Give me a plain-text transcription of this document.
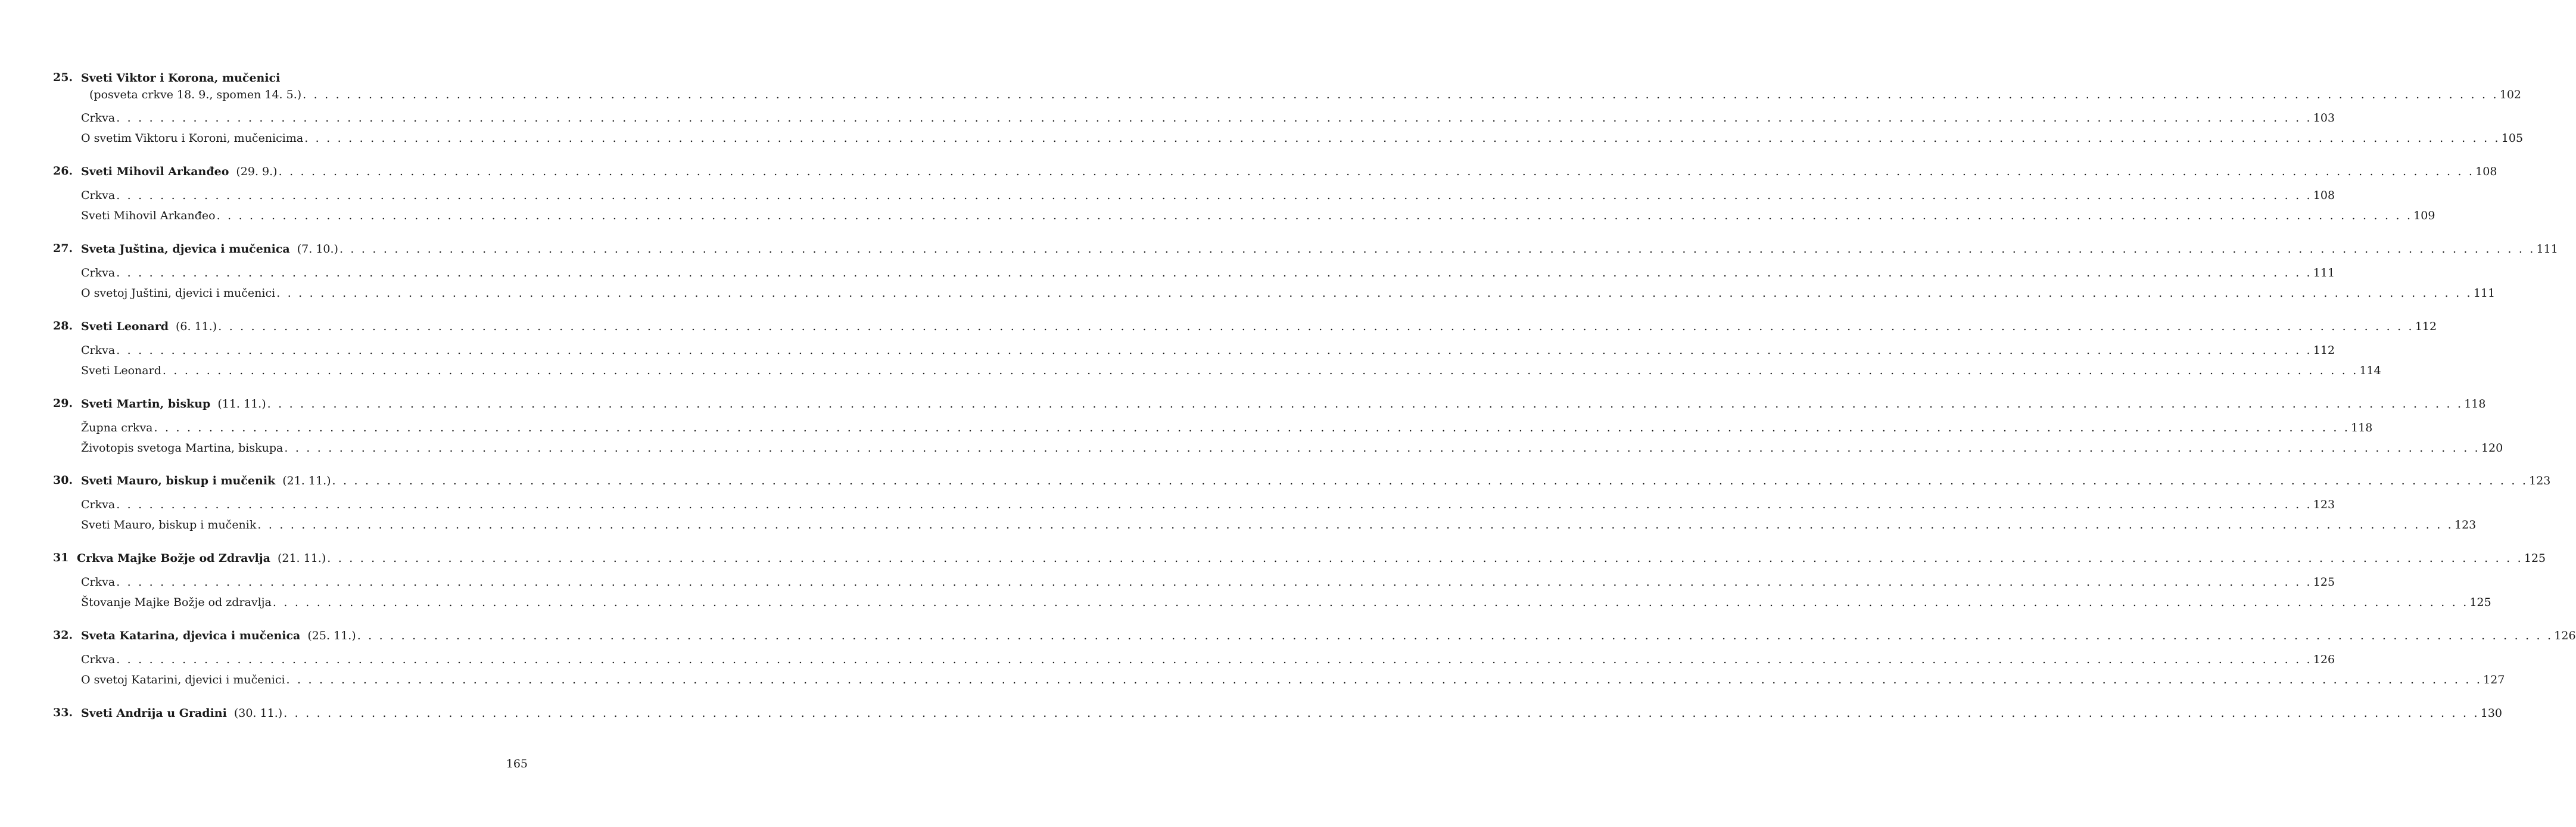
25. Sveti Viktor i Korona, mučenici
(posveta crkve 18. 9., spomen 14. 5.) . . . . . . . . . . . . . . . . . . . . . . . . . . . . . . . . . . . . . . . . . . . . . . . . . . . . . . . . . . . . . . . . . . . . . . . . . . . . . . . . . . . . . . . . . . . . . . . . . . . . . . . . . . . . . . . . . . . . . . . . . . . . . . . . . . . . . . . . . . . . . . . . . . . . . . . . . . . . . . . . . . . . . . . . . . . . . . . . . . . . . . . . . . . . . . . . . . . . . . . . 102
Crkva . . . . . . . . . . . . . . . . . . . . . . . . . . . . . . . . . . . . . . . . . . . . . . . . . . . . . . . . . . . . . . . . . . . . . . . . . . . . . . . . . . . . . . . . . . . . . . . . . . . . . . . . . . . . . . . . . . . . . . . . . . . . . . . . . . . . . . . . . . . . . . . . . . . . . . . . . . . . . . . . . . . . . . . . . . . . . . . . . . . . . . . . . . . . . . . . . . . . . . . . 103
O svetim Viktoru i Koroni, mučenicima . . . . . . . . . . . . . . . . . . . . . . . . . . . . . . . . . . . . . . . . . . . . . . . . . . . . . . . . . . . . . . . . . . . . . . . . . . . . . . . . . . . . . . . . . . . . . . . . . . . . . . . . . . . . . . . . . . . . . . . . . . . . . . . . . . . . . . . . . . . . . . . . . . . . . . . . . . . . . . . . . . . . . . . . . . . . . . . . . . . . . . . . . . . . . . . . . . . . . . . . 105
26. Sveti Mihovil Arkanđeo (29. 9.) . . . . . . . . . . . . . . . . . . . . . . . . . . . . . . . . . . . . . . . . . . . . . . . . . . . . . . . . . . . . . . . . . . . . . . . . . . . . . . . . . . . . . . . . . . . . . . . . . . . . . . . . . . . . . . . . . . . . . . . . . . . . . . . . . . . . . . . . . . . . . . . . . . . . . . . . . . . . . . . . . . . . . . . . . . . . . . . . . . . . . . . . . . . . . . . . . . . . . . . . 108
Crkva . . . . . . . . . . . . . . . . . . . . . . . . . . . . . . . . . . . . . . . . . . . . . . . . . . . . . . . . . . . . . . . . . . . . . . . . . . . . . . . . . . . . . . . . . . . . . . . . . . . . . . . . . . . . . . . . . . . . . . . . . . . . . . . . . . . . . . . . . . . . . . . . . . . . . . . . . . . . . . . . . . . . . . . . . . . . . . . . . . . . . . . . . . . . . . . . . . . . . . . . 108
Sveti Mihovil Arkanđeo . . . . . . . . . . . . . . . . . . . . . . . . . . . . . . . . . . . . . . . . . . . . . . . . . . . . . . . . . . . . . . . . . . . . . . . . . . . . . . . . . . . . . . . . . . . . . . . . . . . . . . . . . . . . . . . . . . . . . . . . . . . . . . . . . . . . . . . . . . . . . . . . . . . . . . . . . . . . . . . . . . . . . . . . . . . . . . . . . . . . . . . . . . . . . . . . . . . . . . . . 109
27. Sveta Juština, djevica i mučenica (7. 10.) . . . . . . . . . . . . . . . . . . . . . . . . . . . . . . . . . . . . . . . . . . . . . . . . . . . . . . . . . . . . . . . . . . . . . . . . . . . . . . . . . . . . . . . . . . . . . . . . . . . . . . . . . . . . . . . . . . . . . . . . . . . . . . . . . . . . . . . . . . . . . . . . . . . . . . . . . . . . . . . . . . . . . . . . . . . . . . . . . . . . . . . . . . . . . . . . . . . . . . . . 111
Crkva . . . . . . . . . . . . . . . . . . . . . . . . . . . . . . . . . . . . . . . . . . . . . . . . . . . . . . . . . . . . . . . . . . . . . . . . . . . . . . . . . . . . . . . . . . . . . . . . . . . . . . . . . . . . . . . . . . . . . . . . . . . . . . . . . . . . . . . . . . . . . . . . . . . . . . . . . . . . . . . . . . . . . . . . . . . . . . . . . . . . . . . . . . . . . . . . . . . . . . . . 111
O svetoj Juštini, djevici i mučenici . . . . . . . . . . . . . . . . . . . . . . . . . . . . . . . . . . . . . . . . . . . . . . . . . . . . . . . . . . . . . . . . . . . . . . . . . . . . . . . . . . . . . . . . . . . . . . . . . . . . . . . . . . . . . . . . . . . . . . . . . . . . . . . . . . . . . . . . . . . . . . . . . . . . . . . . . . . . . . . . . . . . . . . . . . . . . . . . . . . . . . . . . . . . . . . . . . . . . . . . 111
28. Sveti Leonard (6. 11.) . . . . . . . . . . . . . . . . . . . . . . . . . . . . . . . . . . . . . . . . . . . . . . . . . . . . . . . . . . . . . . . . . . . . . . . . . . . . . . . . . . . . . . . . . . . . . . . . . . . . . . . . . . . . . . . . . . . . . . . . . . . . . . . . . . . . . . . . . . . . . . . . . . . . . . . . . . . . . . . . . . . . . . . . . . . . . . . . . . . . . . . . . . . . . . . . . . . . . . . . 112
Crkva . . . . . . . . . . . . . . . . . . . . . . . . . . . . . . . . . . . . . . . . . . . . . . . . . . . . . . . . . . . . . . . . . . . . . . . . . . . . . . . . . . . . . . . . . . . . . . . . . . . . . . . . . . . . . . . . . . . . . . . . . . . . . . . . . . . . . . . . . . . . . . . . . . . . . . . . . . . . . . . . . . . . . . . . . . . . . . . . . . . . . . . . . . . . . . . . . . . . . . . . 112
Sveti Leonard . . . . . . . . . . . . . . . . . . . . . . . . . . . . . . . . . . . . . . . . . . . . . . . . . . . . . . . . . . . . . . . . . . . . . . . . . . . . . . . . . . . . . . . . . . . . . . . . . . . . . . . . . . . . . . . . . . . . . . . . . . . . . . . . . . . . . . . . . . . . . . . . . . . . . . . . . . . . . . . . . . . . . . . . . . . . . . . . . . . . . . . . . . . . . . . . . . . . . . . . 114
29. Sveti Martin, biskup (11. 11.) . . . . . . . . . . . . . . . . . . . . . . . . . . . . . . . . . . . . . . . . . . . . . . . . . . . . . . . . . . . . . . . . . . . . . . . . . . . . . . . . . . . . . . . . . . . . . . . . . . . . . . . . . . . . . . . . . . . . . . . . . . . . . . . . . . . . . . . . . . . . . . . . . . . . . . . . . . . . . . . . . . . . . . . . . . . . . . . . . . . . . . . . . . . . . . . . . . . . . . . . 118
Župna crkva . . . . . . . . . . . . . . . . . . . . . . . . . . . . . . . . . . . . . . . . . . . . . . . . . . . . . . . . . . . . . . . . . . . . . . . . . . . . . . . . . . . . . . . . . . . . . . . . . . . . . . . . . . . . . . . . . . . . . . . . . . . . . . . . . . . . . . . . . . . . . . . . . . . . . . . . . . . . . . . . . . . . . . . . . . . . . . . . . . . . . . . . . . . . . . . . . . . . . . . . 118
Životopis svetoga Martina, biskupa . . . . . . . . . . . . . . . . . . . . . . . . . . . . . . . . . . . . . . . . . . . . . . . . . . . . . . . . . . . . . . . . . . . . . . . . . . . . . . . . . . . . . . . . . . . . . . . . . . . . . . . . . . . . . . . . . . . . . . . . . . . . . . . . . . . . . . . . . . . . . . . . . . . . . . . . . . . . . . . . . . . . . . . . . . . . . . . . . . . . . . . . . . . . . . . . . . . . . . . . 120
30. Sveti Mauro, biskup i mučenik (21. 11.) . . . . . . . . . . . . . . . . . . . . . . . . . . . . . . . . . . . . . . . . . . . . . . . . . . . . . . . . . . . . . . . . . . . . . . . . . . . . . . . . . . . . . . . . . . . . . . . . . . . . . . . . . . . . . . . . . . . . . . . . . . . . . . . . . . . . . . . . . . . . . . . . . . . . . . . . . . . . . . . . . . . . . . . . . . . . . . . . . . . . . . . . . . . . . . . . . . . . . . . . 123
Crkva . . . . . . . . . . . . . . . . . . . . . . . . . . . . . . . . . . . . . . . . . . . . . . . . . . . . . . . . . . . . . . . . . . . . . . . . . . . . . . . . . . . . . . . . . . . . . . . . . . . . . . . . . . . . . . . . . . . . . . . . . . . . . . . . . . . . . . . . . . . . . . . . . . . . . . . . . . . . . . . . . . . . . . . . . . . . . . . . . . . . . . . . . . . . . . . . . . . . . . . . 123
Sveti Mauro, biskup i mučenik . . . . . . . . . . . . . . . . . . . . . . . . . . . . . . . . . . . . . . . . . . . . . . . . . . . . . . . . . . . . . . . . . . . . . . . . . . . . . . . . . . . . . . . . . . . . . . . . . . . . . . . . . . . . . . . . . . . . . . . . . . . . . . . . . . . . . . . . . . . . . . . . . . . . . . . . . . . . . . . . . . . . . . . . . . . . . . . . . . . . . . . . . . . . . . . . . . . . . . . . 123
31 Crkva Majke Božje od Zdravlja (21. 11.) . . . . . . . . . . . . . . . . . . . . . . . . . . . . . . . . . . . . . . . . . . . . . . . . . . . . . . . . . . . . . . . . . . . . . . . . . . . . . . . . . . . . . . . . . . . . . . . . . . . . . . . . . . . . . . . . . . . . . . . . . . . . . . . . . . . . . . . . . . . . . . . . . . . . . . . . . . . . . . . . . . . . . . . . . . . . . . . . . . . . . . . . . . . . . . . . . . . . . . . . 125
Crkva . . . . . . . . . . . . . . . . . . . . . . . . . . . . . . . . . . . . . . . . . . . . . . . . . . . . . . . . . . . . . . . . . . . . . . . . . . . . . . . . . . . . . . . . . . . . . . . . . . . . . . . . . . . . . . . . . . . . . . . . . . . . . . . . . . . . . . . . . . . . . . . . . . . . . . . . . . . . . . . . . . . . . . . . . . . . . . . . . . . . . . . . . . . . . . . . . . . . . . . . 125
Štovanje Majke Božje od zdravlja . . . . . . . . . . . . . . . . . . . . . . . . . . . . . . . . . . . . . . . . . . . . . . . . . . . . . . . . . . . . . . . . . . . . . . . . . . . . . . . . . . . . . . . . . . . . . . . . . . . . . . . . . . . . . . . . . . . . . . . . . . . . . . . . . . . . . . . . . . . . . . . . . . . . . . . . . . . . . . . . . . . . . . . . . . . . . . . . . . . . . . . . . . . . . . . . . . . . . . . . 125
32. Sveta Katarina, djevica i mučenica (25. 11.) . . . . . . . . . . . . . . . . . . . . . . . . . . . . . . . . . . . . . . . . . . . . . . . . . . . . . . . . . . . . . . . . . . . . . . . . . . . . . . . . . . . . . . . . . . . . . . . . . . . . . . . . . . . . . . . . . . . . . . . . . . . . . . . . . . . . . . . . . . . . . . . . . . . . . . . . . . . . . . . . . . . . . . . . . . . . . . . . . . . . . . . . . . . . . . . . . . . . . . . . 126
Crkva . . . . . . . . . . . . . . . . . . . . . . . . . . . . . . . . . . . . . . . . . . . . . . . . . . . . . . . . . . . . . . . . . . . . . . . . . . . . . . . . . . . . . . . . . . . . . . . . . . . . . . . . . . . . . . . . . . . . . . . . . . . . . . . . . . . . . . . . . . . . . . . . . . . . . . . . . . . . . . . . . . . . . . . . . . . . . . . . . . . . . . . . . . . . . . . . . . . . . . . . 126
O svetoj Katarini, djevici i mučenici . . . . . . . . . . . . . . . . . . . . . . . . . . . . . . . . . . . . . . . . . . . . . . . . . . . . . . . . . . . . . . . . . . . . . . . . . . . . . . . . . . . . . . . . . . . . . . . . . . . . . . . . . . . . . . . . . . . . . . . . . . . . . . . . . . . . . . . . . . . . . . . . . . . . . . . . . . . . . . . . . . . . . . . . . . . . . . . . . . . . . . . . . . . . . . . . . . . . . . . . 127
33. Sveti Andrija u Gradini (30. 11.) . . . . . . . . . . . . . . . . . . . . . . . . . . . . . . . . . . . . . . . . . . . . . . . . . . . . . . . . . . . . . . . . . . . . . . . . . . . . . . . . . . . . . . . . . . . . . . . . . . . . . . . . . . . . . . . . . . . . . . . . . . . . . . . . . . . . . . . . . . . . . . . . . . . . . . . . . . . . . . . . . . . . . . . . . . . . . . . . . . . . . . . . . . . . . . . . . . . . . . . . 130
165
